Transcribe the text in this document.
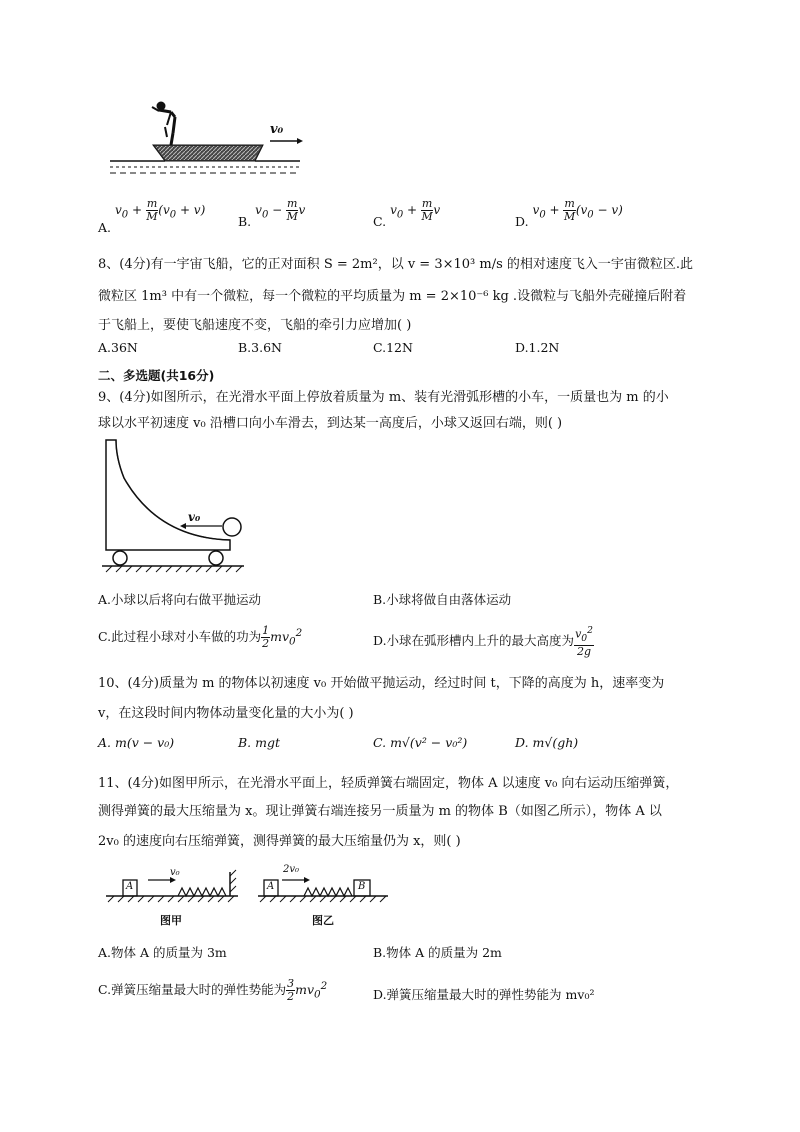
v₀
A. $v_0 + \frac{m}{M} (v_0 + v)$
B. $v_0 - \frac{m}{M}$ v
C. $v_0 + \frac{m}{M}$ v
D. $v_0 + \frac{m}{M} (v_0 - v)$
8、(4分)有一宇宙飞船，它的正对面积 S = 2m²，以 v = 3×10³ m/s 的相对速度飞入一宇宙微粒区.此
微粒区 1m³ 中有一个微粒，每一个微粒的平均质量为 m = 2×10⁻⁶ kg .设微粒与飞船外壳碰撞后附着
于飞船上，要使飞船速度不变，飞船的牵引力应增加( )
A.36N	B.3.6N	C.12N	D.1.2N
二、多选题(共16分)
9、(4分)如图所示，在光滑水平面上停放着质量为 m、装有光滑弧形槽的小车，一质量也为 m 的小
球以水平初速度 v₀ 沿槽口向小车滑去，到达某一高度后，小球又返回右端，则( )
v₀
A.小球以后将向右做平抛运动	B.小球将做自由落体运动
C.此过程小球对小车做的功为 $\frac{1}{2} mv_0^2$
D.小球在弧形槽内上升的最大高度为 $\frac{v_0^2}{2g}$
10、(4分)质量为 m 的物体以初速度 v₀ 开始做平抛运动，经过时间 t，下降的高度为 h，速率变为
v，在这段时间内物体动量变化量的大小为( )
A. m(v − v₀)	B. mgt	C. m√(v² − v₀²)	D. m√(gh)
11、(4分)如图甲所示，在光滑水平面上，轻质弹簧右端固定，物体 A 以速度 v₀ 向右运动压缩弹簧，
测得弹簧的最大压缩量为 x。现让弹簧右端连接另一质量为 m 的物体 B（如图乙所示），物体 A 以
2v₀ 的速度向右压缩弹簧，测得弹簧的最大压缩量仍为 x，则( )
A
v₀
图甲
A	B
2v₀
图乙
A.物体 A 的质量为 3m	B.物体 A 的质量为 2m
C.弹簧压缩量最大时的弹性势能为 $\frac{3}{2} mv_0^2$
D.弹簧压缩量最大时的弹性势能为 mv₀²
